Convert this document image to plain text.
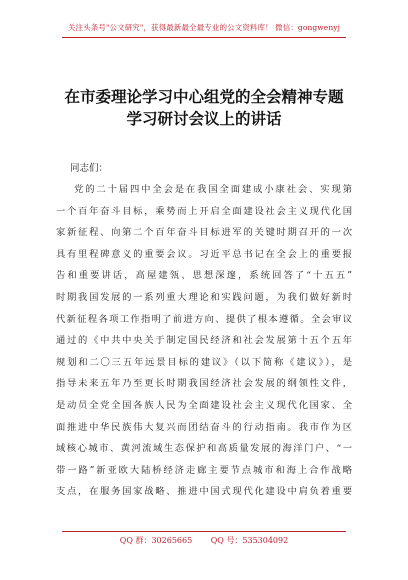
关注头条号"公文研究"，获得最新最全最专业的公文资料库！ 微信：gongwenyj
在市委理论学习中心组党的全会精神专题
学习研讨会议上的讲话
同志们：
党的二十届四中全会是在我国全面建成小康社会、实现第
一个百年奋斗目标，乘势而上开启全面建设社会主义现代化国
家新征程、向第二个百年奋斗目标进军的关键时期召开的一次
具有里程碑意义的重要会议。习近平总书记在全会上的重要报
告和重要讲话，高屋建瓴、思想深邃，系统回答了“十五五”
时期我国发展的一系列重大理论和实践问题，为我们做好新时
代新征程各项工作指明了前进方向、提供了根本遵循。全会审议
通过的《中共中央关于制定国民经济和社会发展第十五个五年
规划和二〇三五年远景目标的建议》（以下简称《建议》），是
指导未来五年乃至更长时期我国经济社会发展的纲领性文件，
是动员全党全国各族人民为全面建设社会主义现代化国家、全
面推进中华民族伟大复兴而团结奋斗的行动指南。我市作为区
域核心城市、黄河流域生态保护和高质量发展的海洋门户、“一
带一路”新亚欧大陆桥经济走廊主要节点城市和海上合作战略
支点，在服务国家战略、推进中国式现代化建设中肩负着重要
QQ 群：30265665 QQ 号：535304092
